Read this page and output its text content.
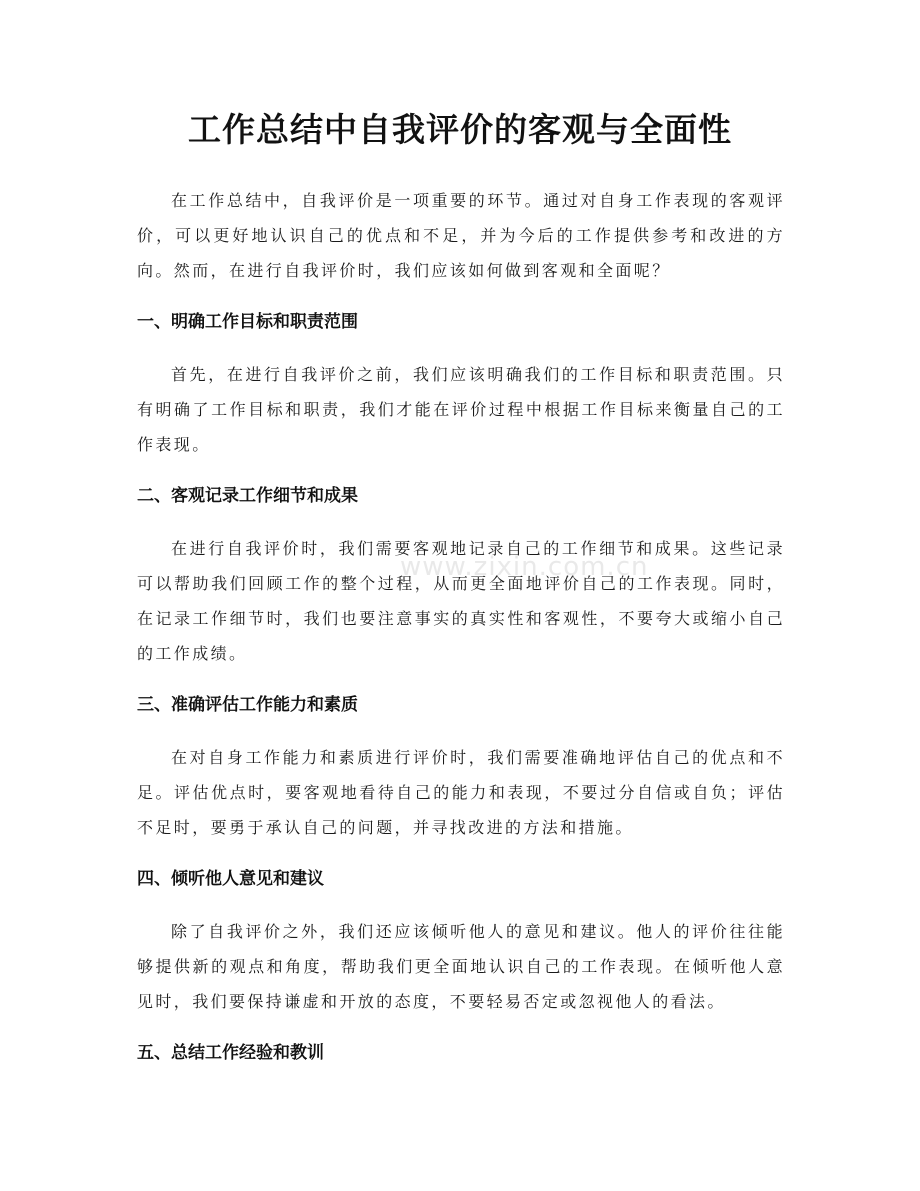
www.zixin.com.cn
工作总结中自我评价的客观与全面性

在工作总结中，自我评价是一项重要的环节。通过对自身工作表现的客观评价，可以更好地认识自己的优点和不足，并为今后的工作提供参考和改进的方向。然而，在进行自我评价时，我们应该如何做到客观和全面呢？

一、明确工作目标和职责范围

首先，在进行自我评价之前，我们应该明确我们的工作目标和职责范围。只有明确了工作目标和职责，我们才能在评价过程中根据工作目标来衡量自己的工作表现。

二、客观记录工作细节和成果

在进行自我评价时，我们需要客观地记录自己的工作细节和成果。这些记录可以帮助我们回顾工作的整个过程，从而更全面地评价自己的工作表现。同时，在记录工作细节时，我们也要注意事实的真实性和客观性，不要夸大或缩小自己的工作成绩。

三、准确评估工作能力和素质

在对自身工作能力和素质进行评价时，我们需要准确地评估自己的优点和不足。评估优点时，要客观地看待自己的能力和表现，不要过分自信或自负；评估不足时，要勇于承认自己的问题，并寻找改进的方法和措施。

四、倾听他人意见和建议

除了自我评价之外，我们还应该倾听他人的意见和建议。他人的评价往往能够提供新的观点和角度，帮助我们更全面地认识自己的工作表现。在倾听他人意见时，我们要保持谦虚和开放的态度，不要轻易否定或忽视他人的看法。

五、总结工作经验和教训
